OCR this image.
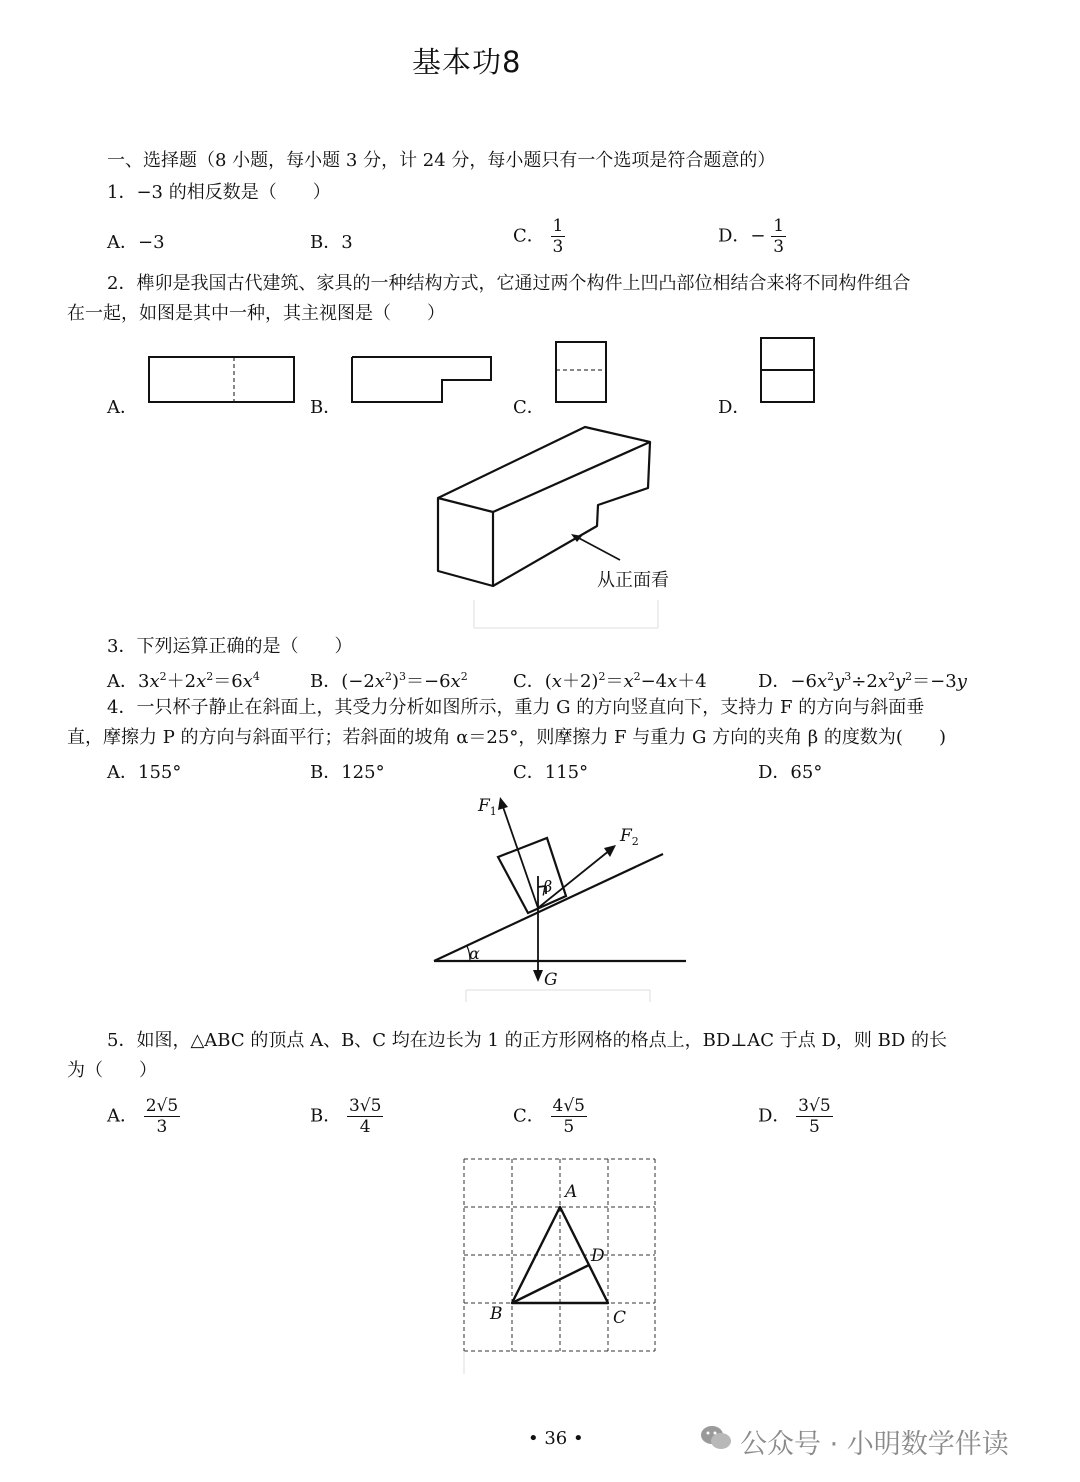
基本功8
一、选择题（8 小题，每小题 3 分，计 24 分，每小题只有一个选项是符合题意的）
1．−3 的相反数是（　　）
A．−3	B．3	C． $\frac{1}{3}$	D．− $\frac{1}{3}$
2．榫卯是我国古代建筑、家具的一种结构方式，它通过两个构件上凹凸部位相结合来将不同构件组合
在一起，如图是其中一种，其主视图是（　　）
A．	B．	C．	D．
从正面看
3．下列运算正确的是（　　）
A．$3x^2+2x^2=6x^4$	B．$(-2x^2)^3=-6x^2$	C．$(x+2)^2=x^2-4x+4$	D．$-6x^2y^3\div 2x^2y^2=-3y$
4．一只杯子静止在斜面上，其受力分析如图所示，重力 G 的方向竖直向下，支持力 F 的方向与斜面垂
直，摩擦力 P 的方向与斜面平行；若斜面的坡角 α＝25°，则摩擦力 F 与重力 G 方向的夹角 β 的度数为(　　)
A．155°	B．125°	C．115°	D．65°
$F_1$
$F_2$
β
α
G
5．如图，△ABC 的顶点 A、B、C 均在边长为 1 的正方形网格的格点上，BD⊥AC 于点 D，则 BD 的长
为（　　）
A． $\frac{2√5}{3}$	B． $\frac{3√5}{4}$	C． $\frac{4√5}{5}$	D． $\frac{3√5}{5}$
A
D
B	C
• 36 •	公众号 · 小明数学伴读
